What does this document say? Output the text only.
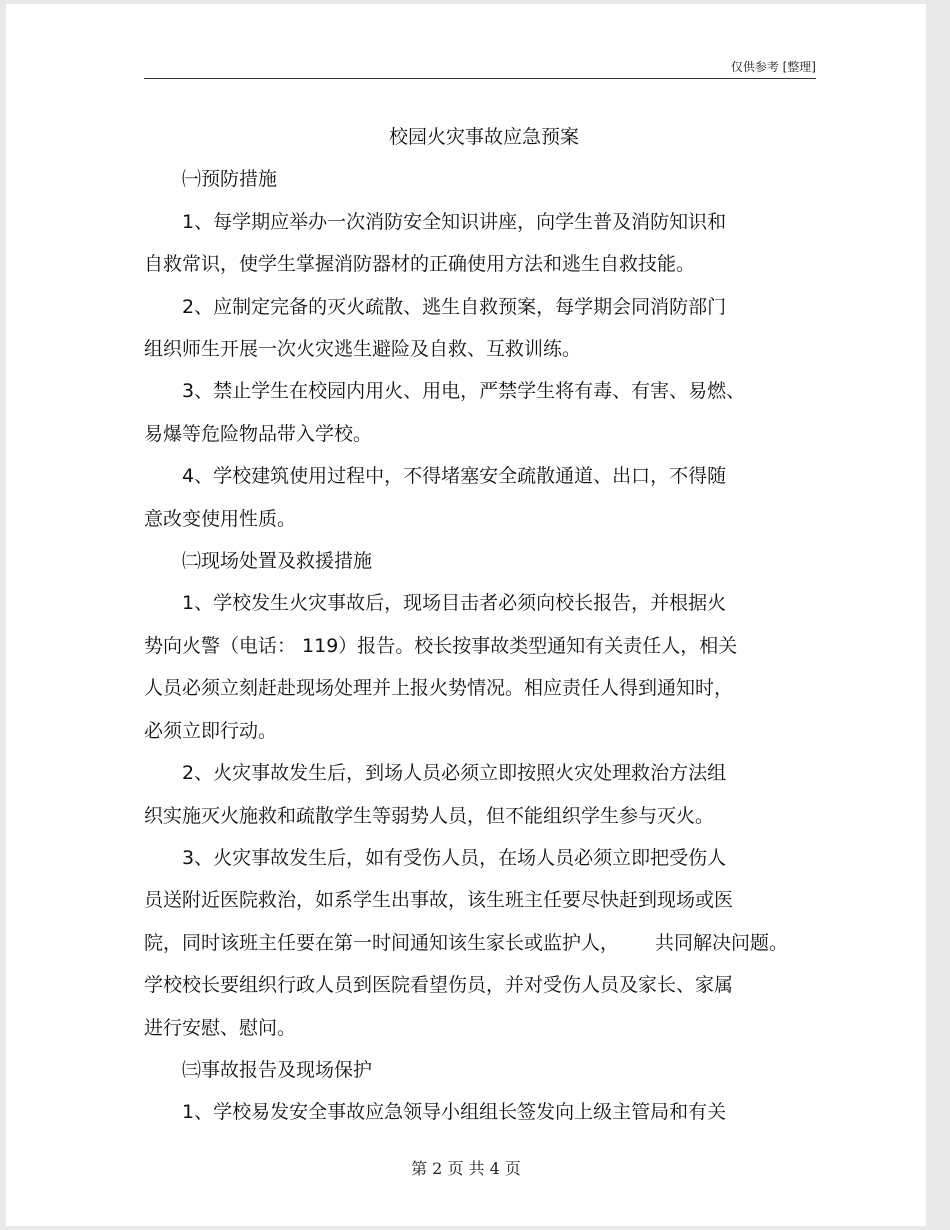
仅供参考 [整理]

校园火灾事故应急预案

㈠预防措施

1、每学期应举办一次消防安全知识讲座，向学生普及消防知识和

自救常识，使学生掌握消防器材的正确使用方法和逃生自救技能。

2、应制定完备的灭火疏散、逃生自救预案，每学期会同消防部门

组织师生开展一次火灾逃生避险及自救、互救训练。

3、禁止学生在校园内用火、用电，严禁学生将有毒、有害、易燃、

易爆等危险物品带入学校。

4、学校建筑使用过程中，不得堵塞安全疏散通道、出口，不得随

意改变使用性质。

㈡现场处置及救援措施

1、学校发生火灾事故后，现场目击者必须向校长报告，并根据火

势向火警（电话： 119）报告。校长按事故类型通知有关责任人，相关

人员必须立刻赶赴现场处理并上报火势情况。相应责任人得到通知时，

必须立即行动。

2、火灾事故发生后，到场人员必须立即按照火灾处理救治方法组

织实施灭火施救和疏散学生等弱势人员，但不能组织学生参与灭火。

3、火灾事故发生后，如有受伤人员，在场人员必须立即把受伤人

员送附近医院救治，如系学生出事故，该生班主任要尽快赶到现场或医

院，同时该班主任要在第一时间通知该生家长或监护人， 共同解决问题。

学校校长要组织行政人员到医院看望伤员，并对受伤人员及家长、家属

进行安慰、慰问。

㈢事故报告及现场保护

1、学校易发安全事故应急领导小组组长签发向上级主管局和有关

第 2 页 共 4 页
